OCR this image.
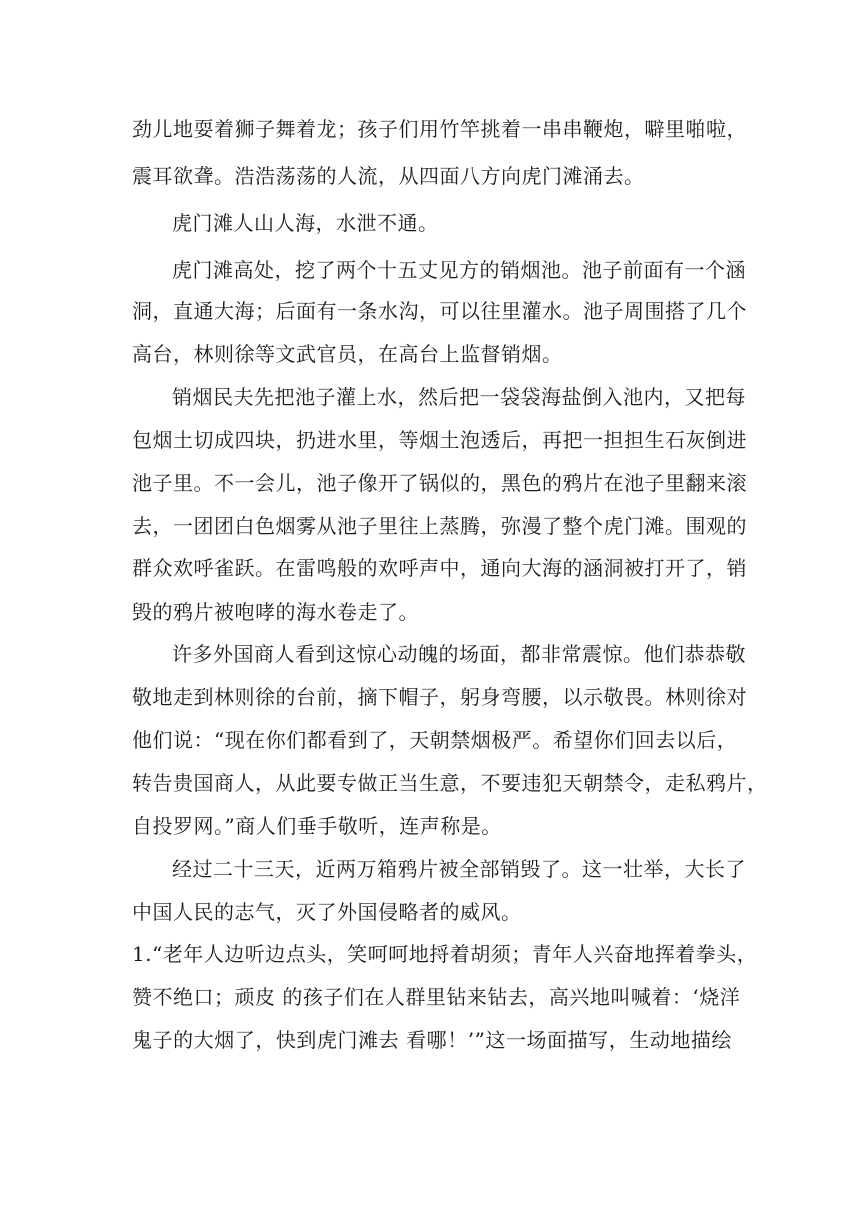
劲儿地耍着狮子舞着龙；孩子们用竹竿挑着一串串鞭炮，噼里啪啦，
震耳欲聋。浩浩荡荡的人流，从四面八方向虎门滩涌去。
虎门滩人山人海，水泄不通。
虎门滩高处，挖了两个十五丈见方的销烟池。池子前面有一个涵
洞，直通大海；后面有一条水沟，可以往里灌水。池子周围搭了几个
高台，林则徐等文武官员，在高台上监督销烟。
销烟民夫先把池子灌上水，然后把一袋袋海盐倒入池内，又把每
包烟土切成四块，扔进水里，等烟土泡透后，再把一担担生石灰倒进
池子里。不一会儿，池子像开了锅似的，黑色的鸦片在池子里翻来滚
去，一团团白色烟雾从池子里往上蒸腾，弥漫了整个虎门滩。围观的
群众欢呼雀跃。在雷鸣般的欢呼声中，通向大海的涵洞被打开了，销
毁的鸦片被咆哮的海水卷走了。
许多外国商人看到这惊心动魄的场面，都非常震惊。他们恭恭敬
敬地走到林则徐的台前，摘下帽子，躬身弯腰，以示敬畏。林则徐对
他们说：“现在你们都看到了，天朝禁烟极严。希望你们回去以后，
转告贵国商人，从此要专做正当生意，不要违犯天朝禁令，走私鸦片，
自投罗网。”商人们垂手敬听，连声称是。
经过二十三天，近两万箱鸦片被全部销毁了。这一壮举，大长了
中国人民的志气，灭了外国侵略者的威风。
1.“老年人边听边点头，笑呵呵地捋着胡须；青年人兴奋地挥着拳头，
赞不绝口；顽皮 的孩子们在人群里钻来钻去，高兴地叫喊着：‘烧洋
鬼子的大烟了，快到虎门滩去 看哪！’”这一场面描写，生动地描绘
